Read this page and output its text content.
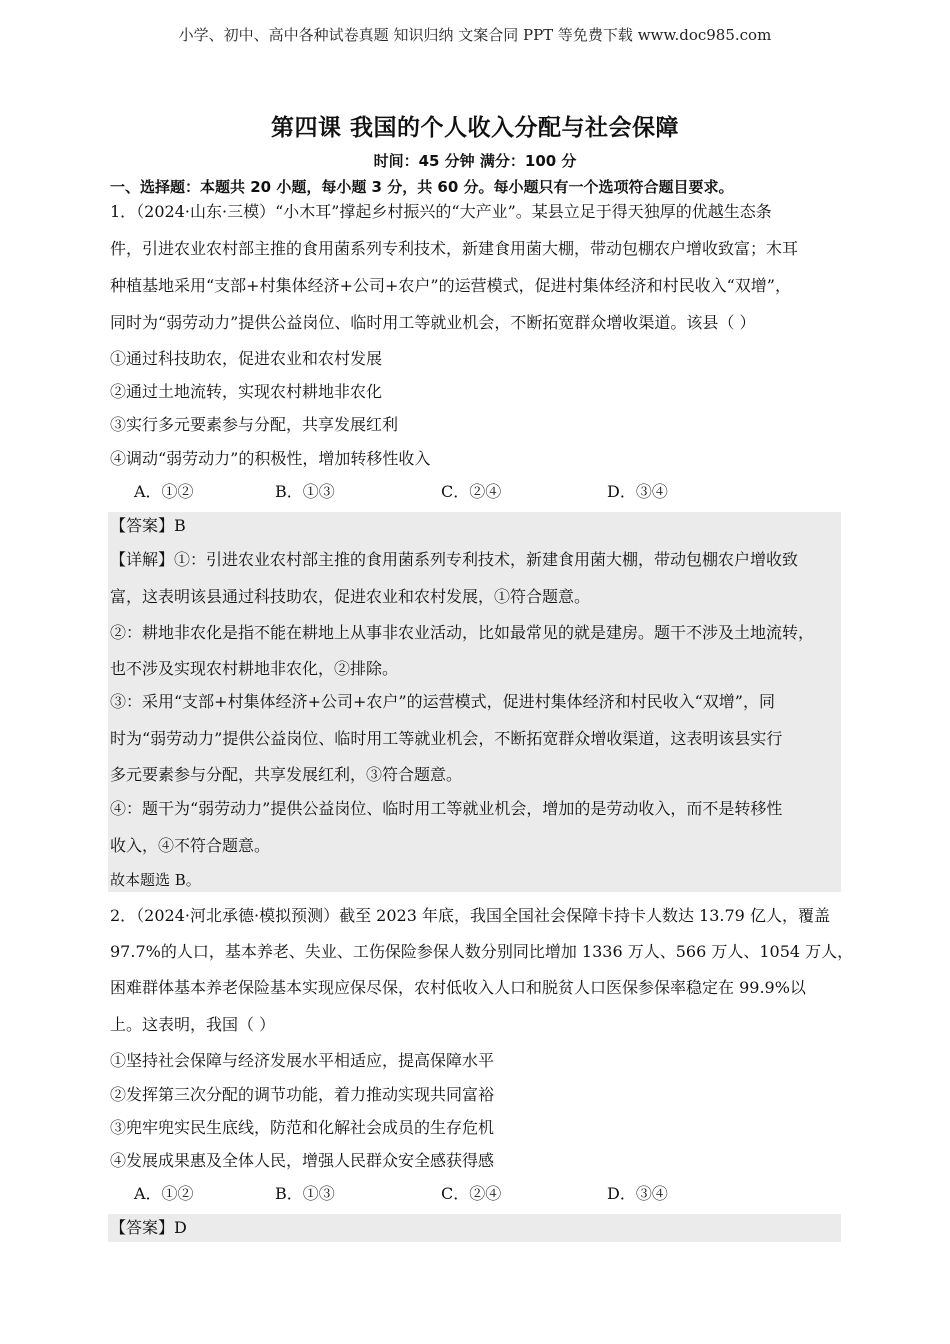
小学、初中、高中各种试卷真题 知识归纳 文案合同 PPT 等免费下载 www.doc985.com
第四课 我国的个人收入分配与社会保障
时间：45 分钟 满分：100 分
一、选择题：本题共 20 小题，每小题 3 分，共 60 分。每小题只有一个选项符合题目要求。
1．（2024·山东·三模）“小木耳”撑起乡村振兴的“大产业”。某县立足于得天独厚的优越生态条
件，引进农业农村部主推的食用菌系列专利技术，新建食用菌大棚，带动包棚农户增收致富；木耳
种植基地采用“支部+村集体经济+公司+农户”的运营模式，促进村集体经济和村民收入“双增”，
同时为“弱劳动力”提供公益岗位、临时用工等就业机会，不断拓宽群众增收渠道。该县（ ）
①通过科技助农，促进农业和农村发展
②通过土地流转，实现农村耕地非农化
③实行多元要素参与分配，共享发展红利
④调动“弱劳动力”的积极性，增加转移性收入
A．①②	B．①③	C．②④	D．③④
【答案】B
【详解】①：引进农业农村部主推的食用菌系列专利技术，新建食用菌大棚，带动包棚农户增收致
富，这表明该县通过科技助农，促进农业和农村发展，①符合题意。
②：耕地非农化是指不能在耕地上从事非农业活动，比如最常见的就是建房。题干不涉及土地流转，
也不涉及实现农村耕地非农化，②排除。
③：采用“支部+村集体经济+公司+农户”的运营模式，促进村集体经济和村民收入“双增”，同
时为“弱劳动力”提供公益岗位、临时用工等就业机会，不断拓宽群众增收渠道，这表明该县实行
多元要素参与分配，共享发展红利，③符合题意。
④：题干为“弱劳动力”提供公益岗位、临时用工等就业机会，增加的是劳动收入，而不是转移性
收入，④不符合题意。
故本题选 B。
2．（2024·河北承德·模拟预测）截至 2023 年底，我国全国社会保障卡持卡人数达 13.79 亿人，覆盖
97.7%的人口，基本养老、失业、工伤保险参保人数分别同比增加 1336 万人、566 万人、1054 万人，
困难群体基本养老保险基本实现应保尽保，农村低收入人口和脱贫人口医保参保率稳定在 99.9%以
上。这表明，我国（ ）
①坚持社会保障与经济发展水平相适应，提高保障水平
②发挥第三次分配的调节功能，着力推动实现共同富裕
③兜牢兜实民生底线，防范和化解社会成员的生存危机
④发展成果惠及全体人民，增强人民群众安全感获得感
A．①②	B．①③	C．②④	D．③④
【答案】D
